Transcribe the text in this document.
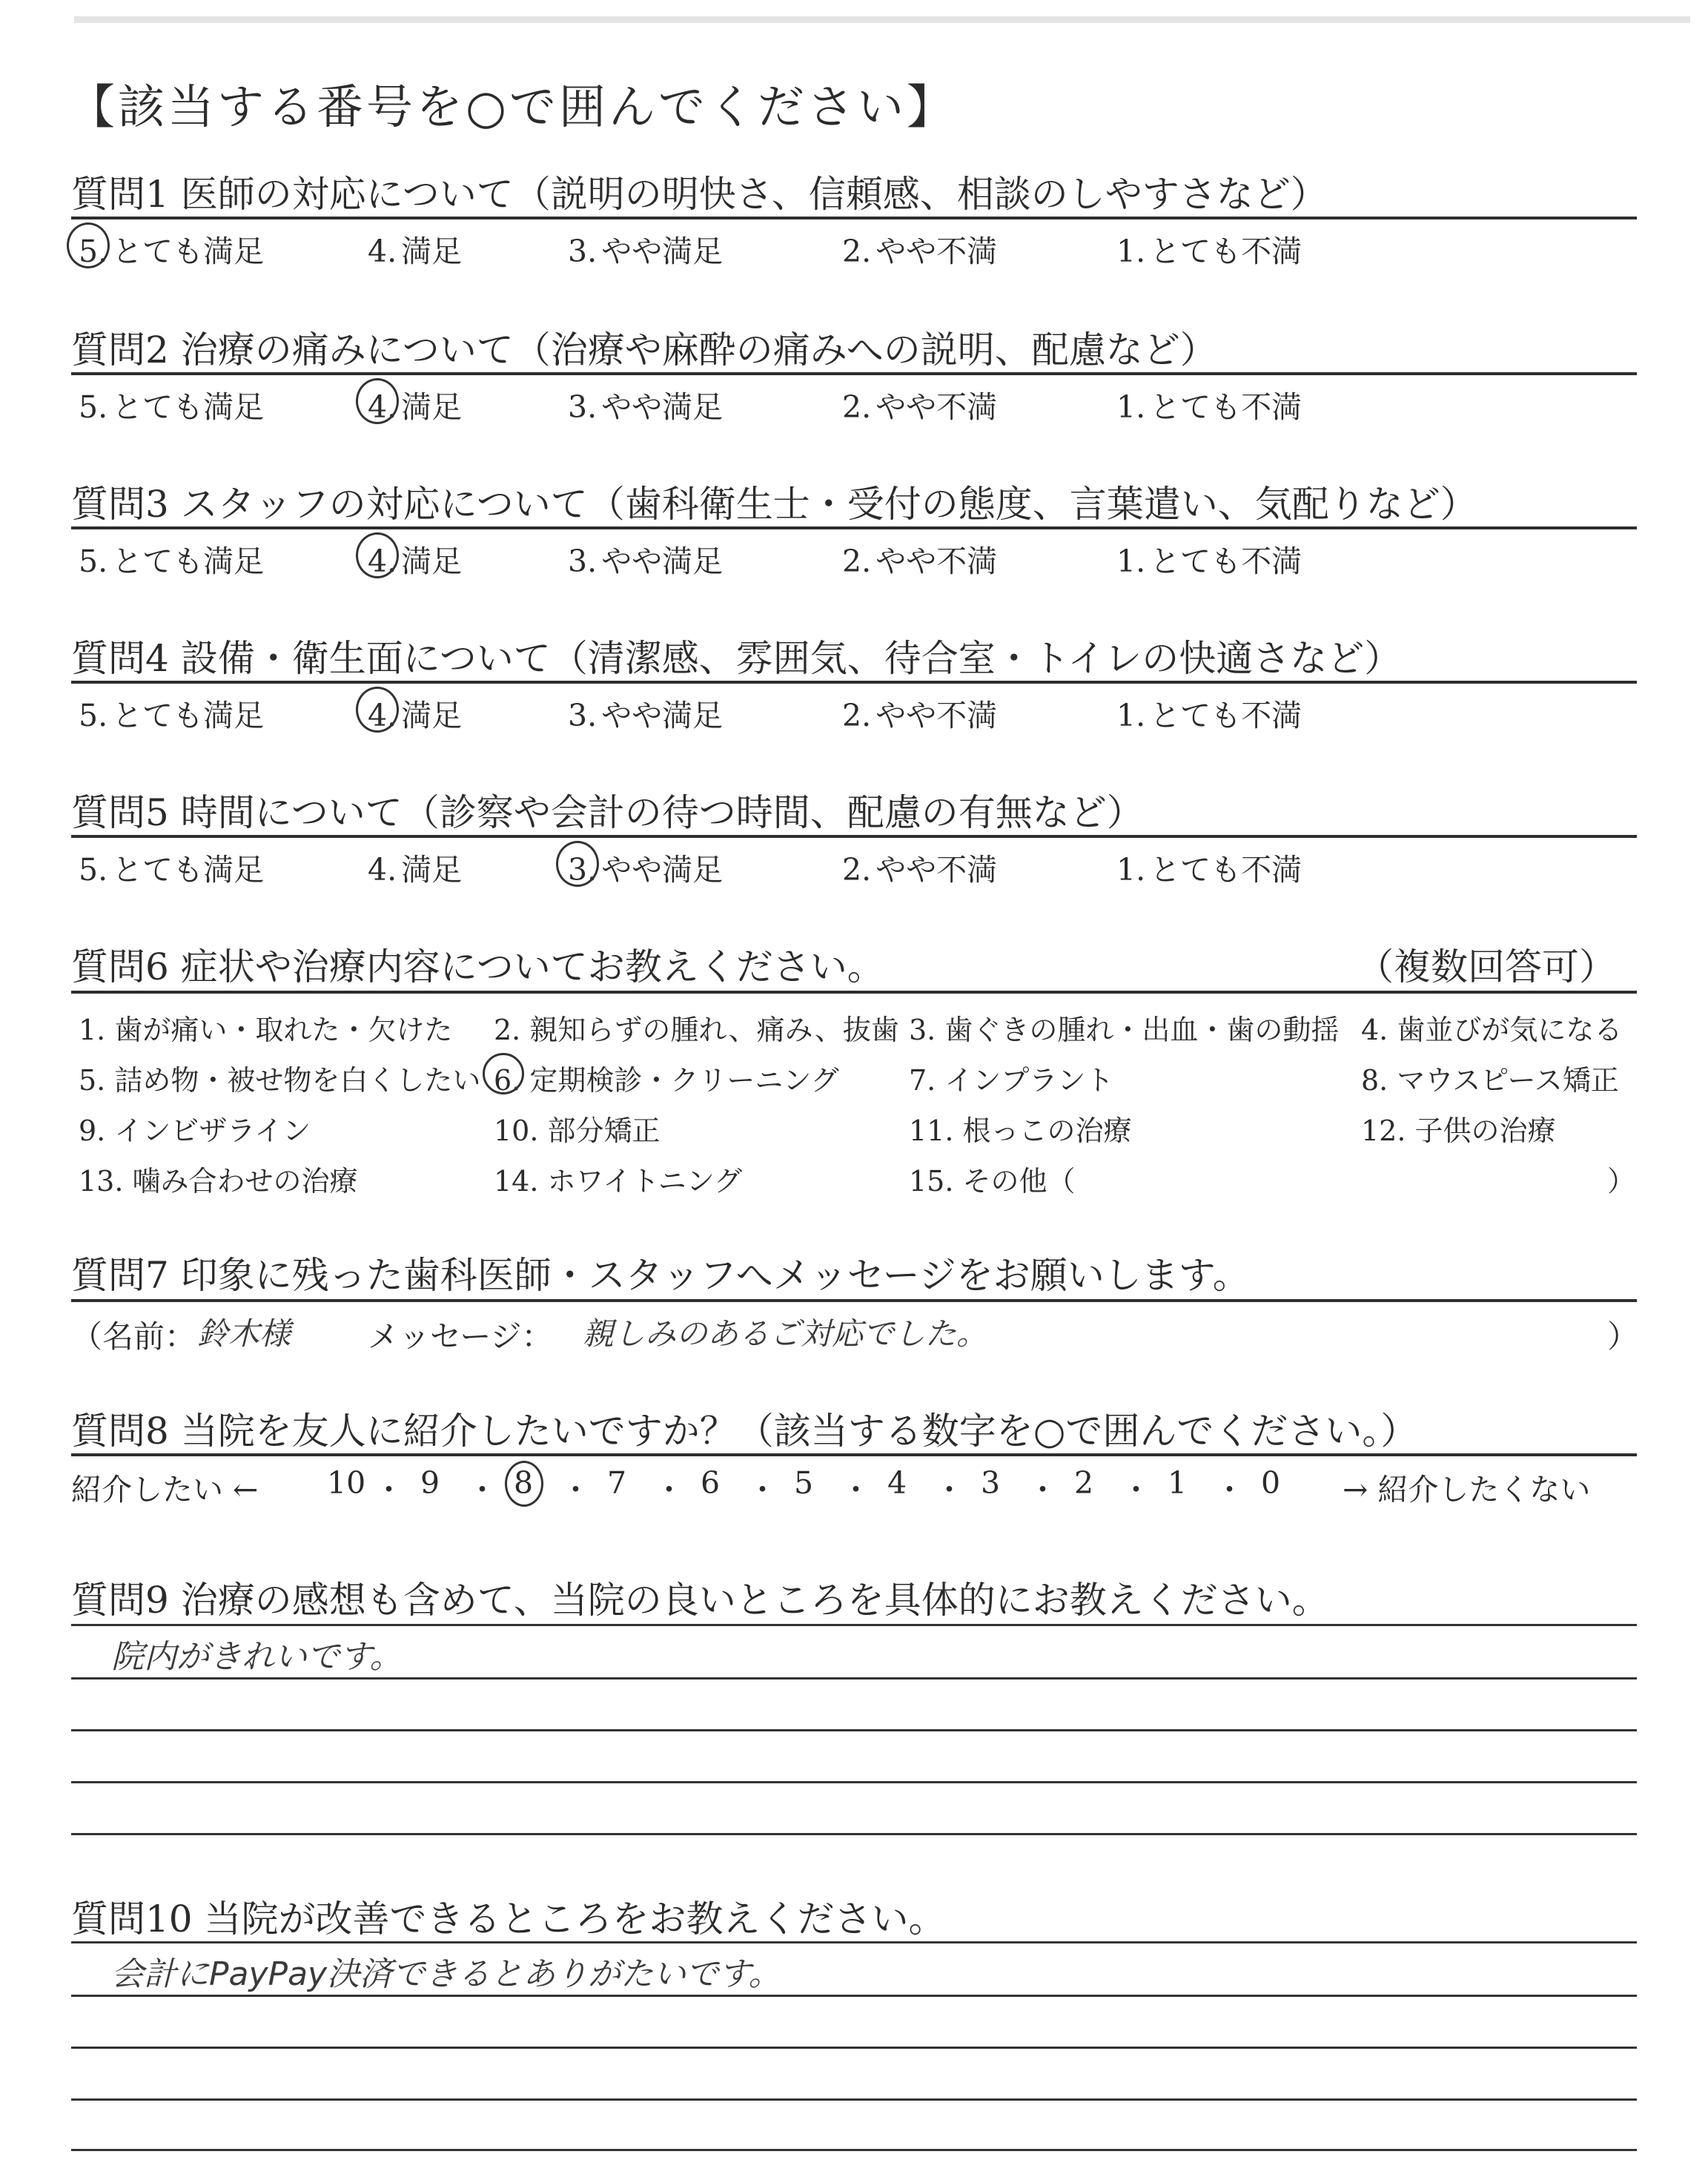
【該当する番号を○で囲んでください】
質問1 医師の対応について（説明の明快さ、信頼感、相談のしやすさなど）
5. とても満足	4. 満足	3. やや満足	2. やや不満	1. とても不満
質問2 治療の痛みについて（治療や麻酔の痛みへの説明、配慮など）
5. とても満足	4. 満足	3. やや満足	2. やや不満	1. とても不満
質問3 スタッフの対応について（歯科衛生士・受付の態度、言葉遣い、気配りなど）
5. とても満足	4. 満足	3. やや満足	2. やや不満	1. とても不満
質問4 設備・衛生面について（清潔感、雰囲気、待合室・トイレの快適さなど）
5. とても満足	4. 満足	3. やや満足	2. やや不満	1. とても不満
質問5 時間について（診察や会計の待つ時間、配慮の有無など）
5. とても満足	4. 満足	3. やや満足	2. やや不満	1. とても不満
質問6 症状や治療内容についてお教えください。	（複数回答可）
1. 歯が痛い・取れた・欠けた 2. 親知らずの腫れ、痛み、抜歯 3. 歯ぐきの腫れ・出血・歯の動揺 4. 歯並びが気になる
5. 詰め物・被せ物を白くしたい 6. 定期検診・クリーニング 7. インプラント	8. マウスピース矯正
9. インビザライン	10. 部分矯正	11. 根っこの治療	12. 子供の治療
13. 噛み合わせの治療	14. ホワイトニング	15. その他（	）
質問7 印象に残った歯科医師・スタッフへメッセージをお願いします。
（名前： 鈴木様 メッセージ： 親しみのあるご対応でした。	）
質問8 当院を友人に紹介したいですか？（該当する数字を○で囲んでください。）
紹介したい ← 10 ・ 9 ・ 8 ・ 7 ・ 6 ・ 5 ・ 4 ・ 3 ・ 2 ・ 1 ・ 0 → 紹介したくない
質問9 治療の感想も含めて、当院の良いところを具体的にお教えください。
院内がきれいです。
質問10 当院が改善できるところをお教えください。
会計にPayPay決済できるとありがたいです。
